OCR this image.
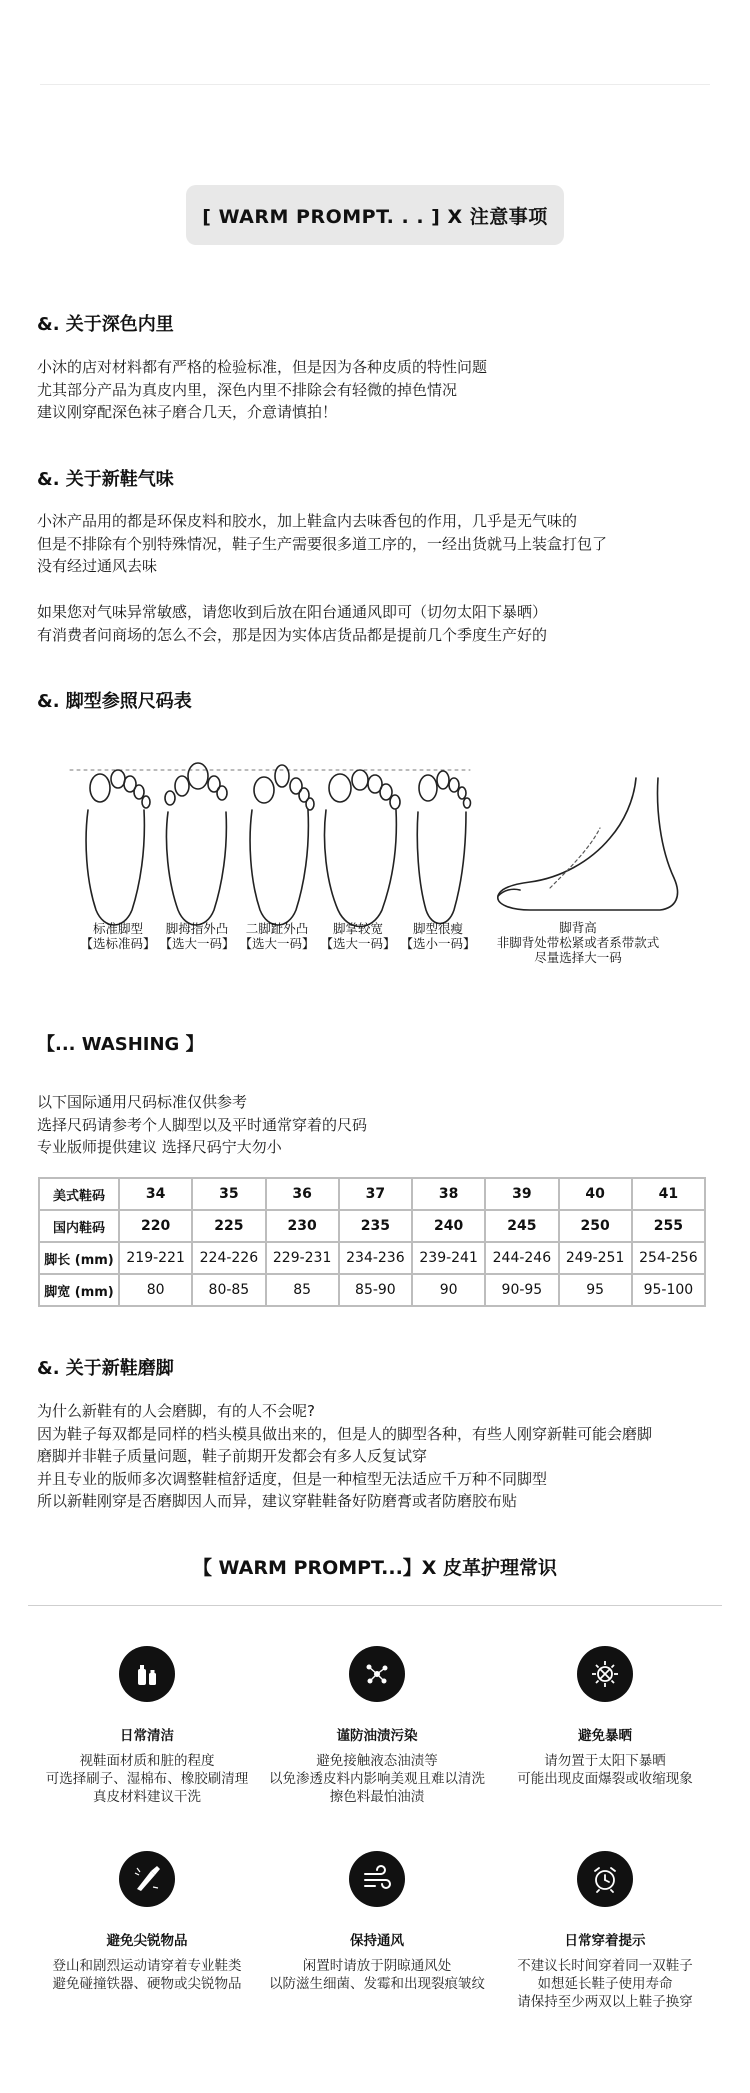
[ WARM PROMPT. . . ] X 注意事项
&. 关于深色内里
小沐的店对材料都有严格的检验标准，但是因为各种皮质的特性问题
尤其部分产品为真皮内里，深色内里不排除会有轻微的掉色情况
建议刚穿配深色袜子磨合几天，介意请慎拍！
&. 关于新鞋气味
小沐产品用的都是环保皮料和胶水，加上鞋盒内去味香包的作用，几乎是无气味的
但是不排除有个别特殊情况，鞋子生产需要很多道工序的，一经出货就马上装盒打包了
没有经过通风去味
如果您对气味异常敏感，请您收到后放在阳台通通风即可（切勿太阳下暴晒）
有消费者问商场的怎么不会，那是因为实体店货品都是提前几个季度生产好的
&. 脚型参照尺码表
标准脚型
【选标准码】
脚拇指外凸
【选大一码】
二脚趾外凸
【选大一码】
脚掌较宽
【选大一码】
脚型很瘦
【选小一码】
脚背高
非脚背处带松紧或者系带款式
尽量选择大一码
【... WASHING 】
以下国际通用尺码标准仅供参考
选择尺码请参考个人脚型以及平时通常穿着的尺码
专业版师提供建议 选择尺码宁大勿小
美式鞋码	34	35	36	37	38	39	40	41
国内鞋码	220	225	230	235	240	245	250	255
脚长 (mm)	219-221	224-226	229-231	234-236	239-241	244-246	249-251	254-256
脚宽 (mm)	80	80-85	85	85-90	90	90-95	95	95-100
&. 关于新鞋磨脚
为什么新鞋有的人会磨脚，有的人不会呢?
因为鞋子每双都是同样的档头模具做出来的，但是人的脚型各种，有些人刚穿新鞋可能会磨脚
磨脚并非鞋子质量问题，鞋子前期开发都会有多人反复试穿
并且专业的版师多次调整鞋楦舒适度，但是一种楦型无法适应千万种不同脚型
所以新鞋刚穿是否磨脚因人而异，建议穿鞋鞋备好防磨膏或者防磨胶布贴
【 WARM PROMPT...】X 皮革护理常识
日常清洁
视鞋面材质和脏的程度
可选择刷子、湿棉布、橡胶刷清理
真皮材料建议干洗
谨防油渍污染
避免接触液态油渍等
以免渗透皮料内影响美观且难以清洗
擦色料最怕油渍
避免暴晒
请勿置于太阳下暴晒
可能出现皮面爆裂或收缩现象
避免尖锐物品
登山和剧烈运动请穿着专业鞋类
避免碰撞铁器、硬物或尖锐物品
保持通风
闲置时请放于阴晾通风处
以防滋生细菌、发霉和出现裂痕皱纹
日常穿着提示
不建议长时间穿着同一双鞋子
如想延长鞋子使用寿命
请保持至少两双以上鞋子换穿
